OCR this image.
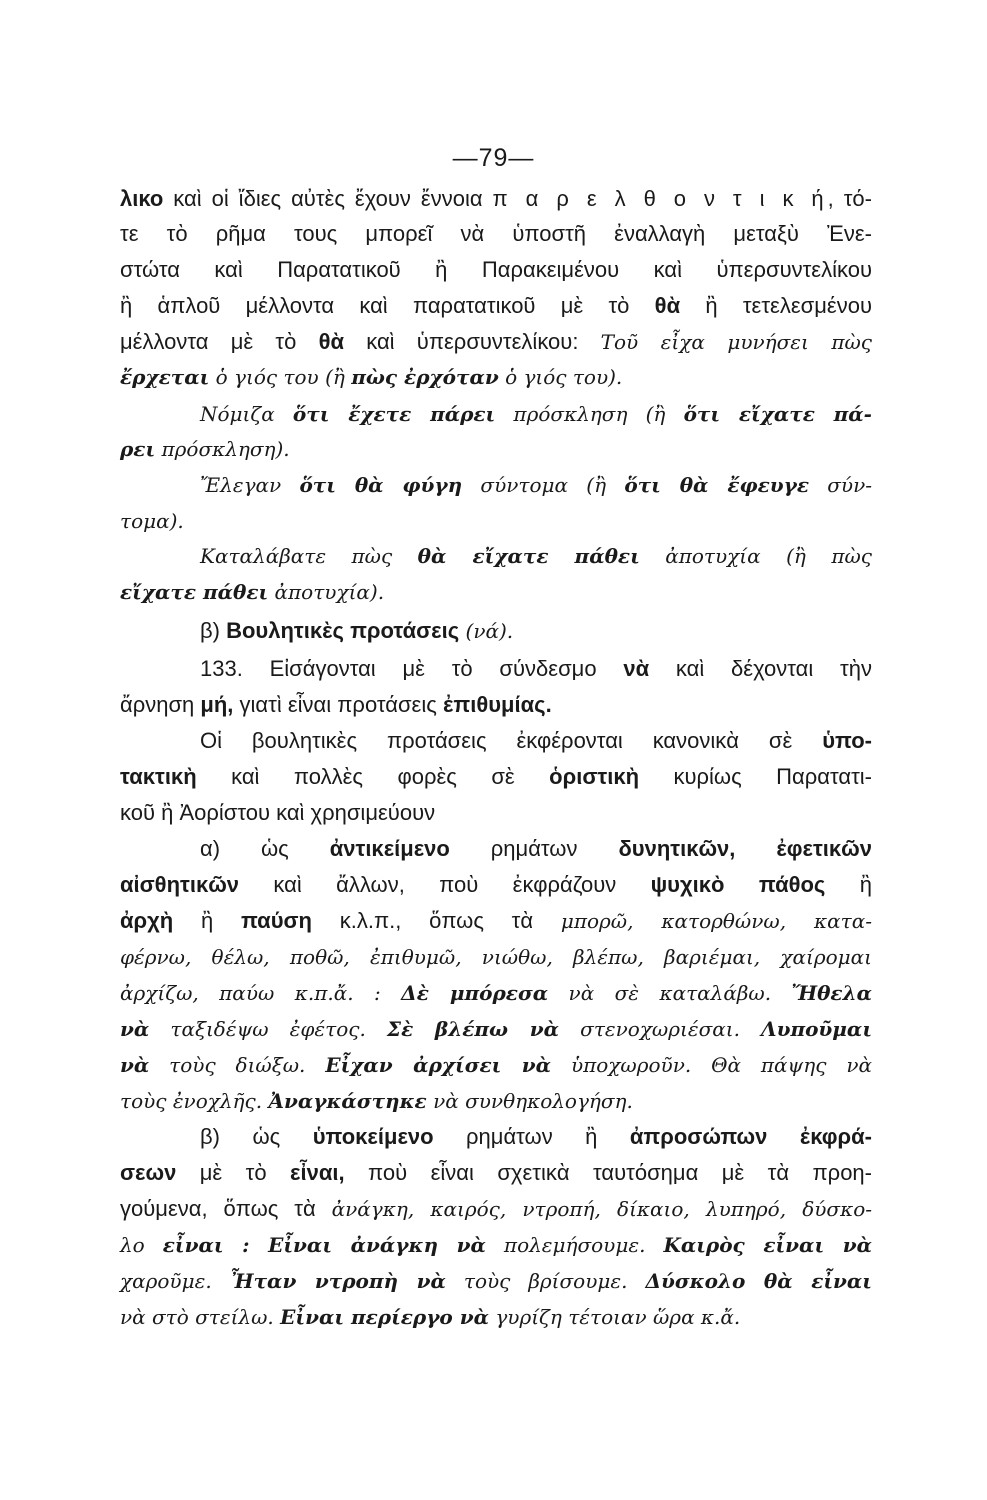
—79—
λικο καὶ οἱ ἴδιες αὐτὲς ἔχουν ἔννοια π α ρ ε λ θ ο ν τ ι κ ή, τό-
τε τὸ ρῆμα τους μπορεῖ νὰ ὑποστῆ ἐναλλαγὴ μεταξὺ Ἐνε-
στώτα καὶ Παρατατικοῦ ἢ Παρακειμένου καὶ ὑπερσυντελίκου
ἢ ἁπλοῦ μέλλοντα καὶ παρατατικοῦ μὲ τὸ θὰ ἢ τετελεσμένου
μέλλοντα μὲ τὸ θὰ καὶ ὑπερσυντελίκου: Τοῦ εἶχα μυνήσει πὼς
ἔρχεται ὁ γιός του (ἢ πὼς ἐρχόταν ὁ γιός του).
Νόμιζα ὅτι ἔχετε πάρει πρόσκληση (ἢ ὅτι εἴχατε πά-
ρει πρόσκληση).
Ἔλεγαν ὅτι θὰ φύγη σύντομα (ἢ ὅτι θὰ ἔφευγε σύν-
τομα).
Καταλάβατε πὼς θὰ εἴχατε πάθει ἀποτυχία (ἢ πὼς
εἴχατε πάθει ἀποτυχία).
β) Βουλητικὲς προτάσεις (νά).
133. Εἰσάγονται μὲ τὸ σύνδεσμο νὰ καὶ δέχονται τὴν
ἄρνηση μή, γιατὶ εἶναι προτάσεις ἐπιθυμίας.
Οἱ βουλητικὲς προτάσεις ἐκφέρονται κανονικὰ σὲ ὑπο-
τακτικὴ καὶ πολλὲς φορὲς σὲ ὁριστικὴ κυρίως Παρατατι-
κοῦ ἢ Ἀορίστου καὶ χρησιμεύουν
α) ὡς ἀντικείμενο ρημάτων δυνητικῶν, ἐφετικῶν
αἰσθητικῶν καὶ ἄλλων, ποὺ ἐκφράζουν ψυχικὸ πάθος ἢ
ἀρχὴ ἢ παύση κ.λ.π., ὅπως τὰ μπορῶ, κατορθώνω, κατα-
φέρνω, θέλω, ποθῶ, ἐπιθυμῶ, νιώθω, βλέπω, βαριέμαι, χαίρομαι
ἀρχίζω, παύω κ.π.ἄ. : Δὲ μπόρεσα νὰ σὲ καταλάβω. Ἤθελα
νὰ ταξιδέψω ἐφέτος. Σὲ βλέπω νὰ στενοχωριέσαι. Λυποῦμαι
νὰ τοὺς διώξω. Εἶχαν ἀρχίσει νὰ ὑποχωροῦν. Θὰ πάψης νὰ
τοὺς ἐνοχλῆς. Ἀναγκάστηκε νὰ συνθηκολογήση.
β) ὡς ὑποκείμενο ρημάτων ἢ ἀπροσώπων ἐκφρά-
σεων μὲ τὸ εἶναι, ποὺ εἶναι σχετικὰ ταυτόσημα μὲ τὰ προη-
γούμενα, ὅπως τὰ ἀνάγκη, καιρός, ντροπή, δίκαιο, λυπηρό, δύσκο-
λο εἶναι : Εἶναι ἀνάγκη νὰ πολεμήσουμε. Καιρὸς εἶναι νὰ
χαροῦμε. Ἦταν ντροπὴ νὰ τοὺς βρίσουμε. Δύσκολο θὰ εἶναι
νὰ στὸ στείλω. Εἶναι περίεργο νὰ γυρίζη τέτοιαν ὥρα κ.ἄ.
